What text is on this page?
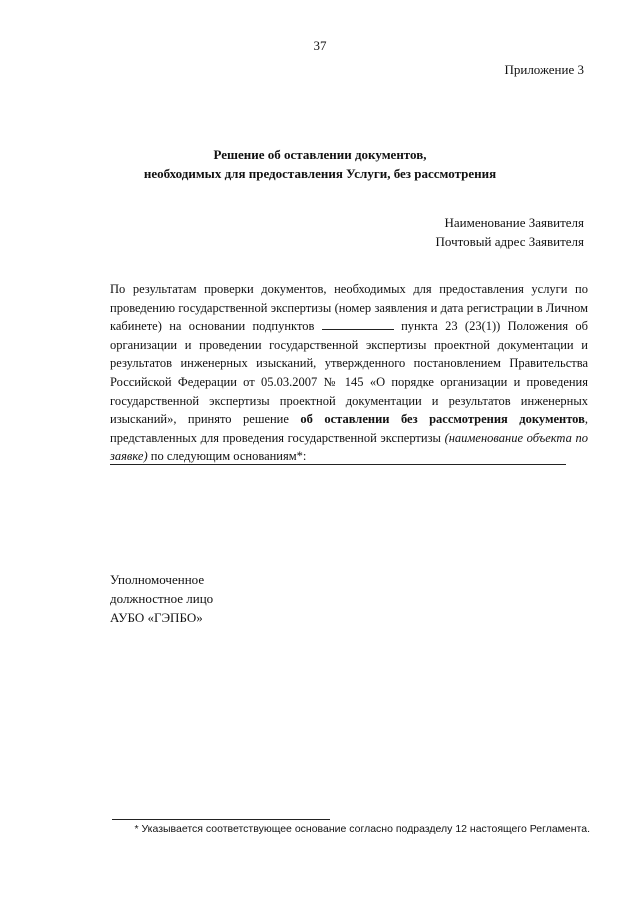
37
Приложение 3
Решение об оставлении документов,
необходимых для предоставления Услуги, без рассмотрения
Наименование Заявителя
Почтовый адрес Заявителя
По результатам проверки документов, необходимых для предоставления услуги по проведению государственной экспертизы (номер заявления и дата регистрации в Личном кабинете) на основании подпунктов	пункта 23 (23(1)) Положения об организации и проведении государственной экспертизы проектной документации и результатов инженерных изысканий, утвержденного постановлением Правительства Российской Федерации от 05.03.2007 № 145 «О порядке организации и проведения государственной экспертизы проектной документации и результатов инженерных изысканий», принято решение об оставлении без рассмотрения документов, представленных для проведения государственной экспертизы (наименование объекта по заявке) по следующим основаниям*:
Уполномоченное
должностное лицо
АУБО «ГЭПБО»
* Указывается соответствующее основание согласно подразделу 12 настоящего Регламента.
